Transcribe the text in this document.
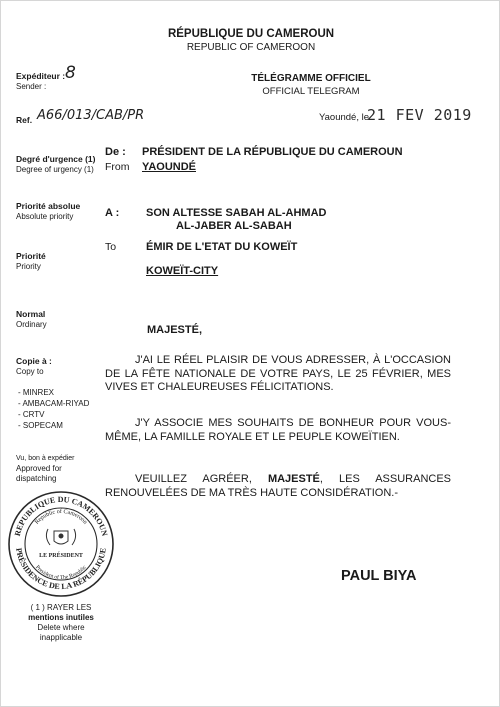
RÉPUBLIQUE DU CAMEROUN
REPUBLIC OF CAMEROON
TÉLÉGRAMME OFFICIEL
OFFICIAL TELEGRAM
Expéditeur :
Sender :
8
Ref. A66/013/CAB/PR
Degré d'urgence (1)
Degree of urgency (1)
Priorité absolue
Absolute priority
Priorité
Priority
Normal
Ordinary
Copie à :
Copy to
- MINREX
- AMBACAM-RIYAD
- CRTV
- SOPECAM
Vu, bon à expédier
Approved for
dispatching
( 1 ) RAYER LES
mentions inutiles
Delete where
inapplicable
Yaoundé, le
21 FEV 2019
De :
From
PRÉSIDENT DE LA RÉPUBLIQUE DU CAMEROUN
YAOUNDÉ
A : SON ALTESSE SABAH AL-AHMAD
AL-JABER AL-SABAH
To	ÉMIR DE L'ETAT DU KOWEÏT
KOWEÏT-CITY
MAJESTÉ,
J'AI LE RÉEL PLAISIR DE VOUS ADRESSER, À L'OCCASION DE LA FÊTE NATIONALE DE VOTRE PAYS, LE 25 FÉVRIER, MES VIVES ET CHALEUREUSES FÉLICITATIONS.
J'Y ASSOCIE MES SOUHAITS DE BONHEUR POUR VOUS-MÊME, LA FAMILLE ROYALE ET LE PEUPLE KOWEÏTIEN.
VEUILLEZ AGRÉER, MAJESTÉ, LES ASSURANCES RENOUVELÉES DE MA TRÈS HAUTE CONSIDÉRATION.-
PAUL BIYA
REPUBLIQUE DU CAMEROUN
PRÉSIDENCE DE LA RÉPUBLIQUE
Republic of Cameroon
President of The Republic
LE PRÉSIDENT
